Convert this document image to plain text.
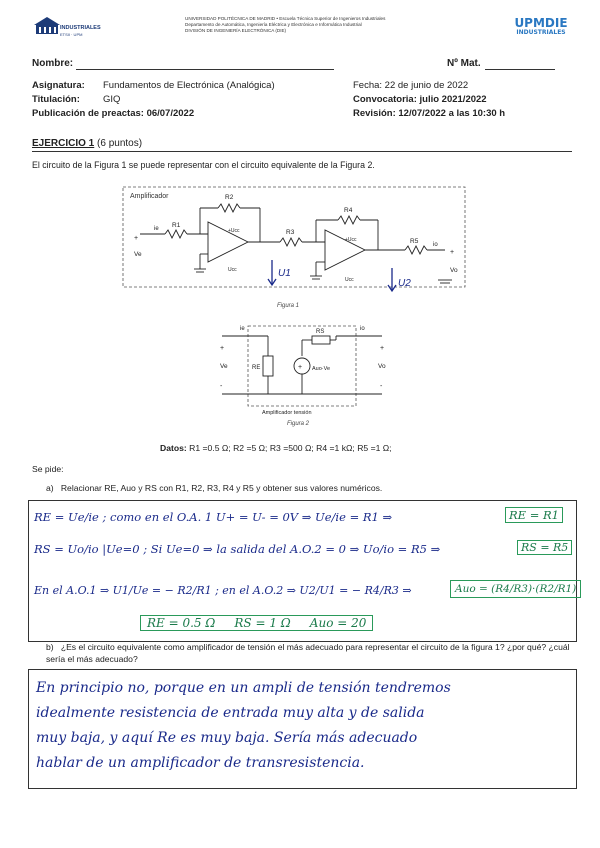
INDUSTRIALES
ETSII · UPM
UNIVERSIDAD POLITÉCNICA DE MADRID • Escuela Técnica Superior de Ingenieros Industriales
Departamento de Automática, Ingeniería Eléctrica y Electrónica e Informática Industrial
DIVISIÓN DE INGENIERÍA ELECTRÓNICA (DIE)
UPMDIE
INDUSTRIALES
Nombre:	Nº Mat.
Asignatura: Fundamentos de Electrónica (Analógica)
Titulación: GIQ
Publicación de preactas: 06/07/2022
Fecha: 22 de junio de 2022
Convocatoria: julio 2021/2022
Revisión: 12/07/2022 a las 10:30 h
EJERCICIO 1 (6 puntos)
El circuito de la Figura 1 se puede representar con el circuito equivalente de la Figura 2.
Amplificador
ie
+
Ve
R1
R2
R3
R4
R5 io
+
Vo
+Ucc
Ucc
+Ucc
Ucc
U1
U2
Figura 1
ie	io
+
Ve
-
+
Vo
-
RE
RS
Auo·Ve
+
Amplificador tensión
Figura 2
Datos: R1 =0.5 Ω; R2 =5 Ω; R3 =500 Ω; R4 =1 kΩ; R5 =1 Ω;
Se pide:
a) Relacionar RE, Auo y RS con R1, R2, R3, R4 y R5 y obtener sus valores numéricos.
RE = Ue/ie ; como en el O.A. 1 U+ = U- = 0V ⇒ Ue/ie = R1 ⇒	RE = R1
RS = Uo/io |Ue=0 ; Si Ue=0 ⇒ la salida del A.O.2 = 0 ⇒ Uo/io = R5 ⇒	RS = R5
En el A.O.1 ⇒ U1/Ue = − R2/R1 ; en el A.O.2 ⇒ U2/U1 = − R4/R3 ⇒	Auo = (R4/R3)·(R2/R1)
RE = 0.5 Ω     RS = 1 Ω     Auo = 20
b) ¿Es el circuito equivalente como amplificador de tensión el más adecuado para representar el circuito de la figura 1? ¿por qué? ¿cuál sería el más adecuado?
En principio no, porque en un ampli de tensión tendremos
idealmente resistencia de entrada muy alta y de salida
muy baja, y aquí Re es muy baja. Sería más adecuado
hablar de un amplificador de transresistencia.
